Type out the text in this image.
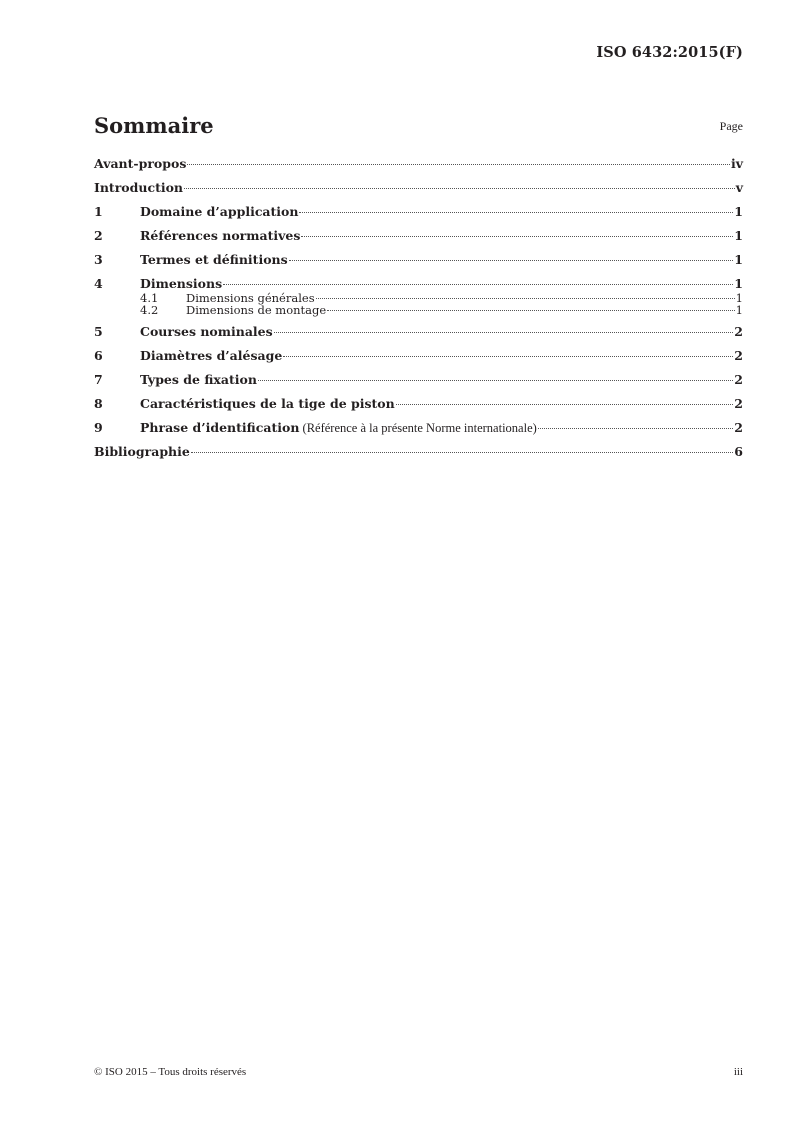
ISO 6432:2015(F)
Sommaire	Page
Avant-propos	iv
Introduction	v
1	Domaine d’application	1
2	Références normatives	1
3	Termes et définitions	1
4	Dimensions	1
4.1	Dimensions générales	1
4.2	Dimensions de montage	1
5	Courses nominales	2
6	Diamètres d’alésage	2
7	Types de fixation	2
8	Caractéristiques de la tige de piston	2
9	Phrase d’identification (Référence à la présente Norme internationale)	2
Bibliographie	6
© ISO 2015 – Tous droits réservés	iii
